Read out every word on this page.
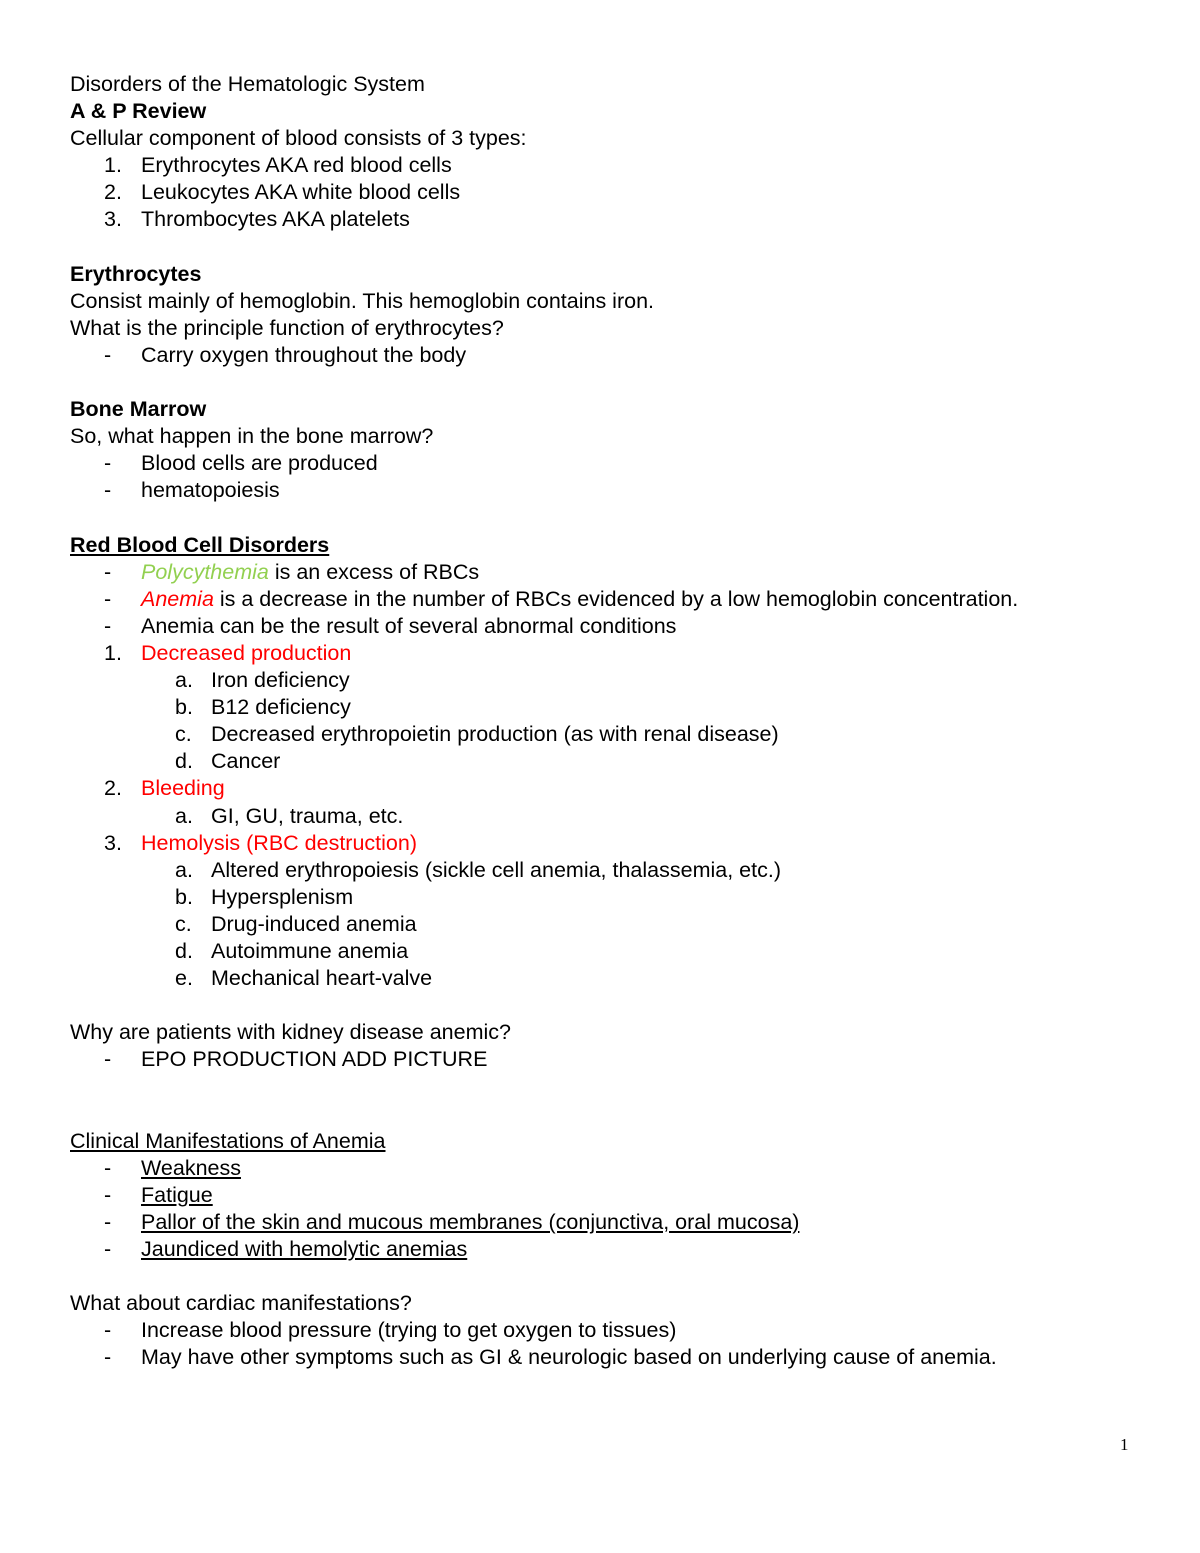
Disorders of the Hematologic System
A & P Review
Cellular component of blood consists of 3 types:
1. Erythrocytes AKA red blood cells
2. Leukocytes AKA white blood cells
3. Thrombocytes AKA platelets
Erythrocytes
Consist mainly of hemoglobin. This hemoglobin contains iron.
What is the principle function of erythrocytes?
- Carry oxygen throughout the body
Bone Marrow
So, what happen in the bone marrow?
- Blood cells are produced
- hematopoiesis
Red Blood Cell Disorders
- Polycythemia is an excess of RBCs
- Anemia is a decrease in the number of RBCs evidenced by a low hemoglobin concentration.
- Anemia can be the result of several abnormal conditions
1. Decreased production
a. Iron deficiency
b. B12 deficiency
c. Decreased erythropoietin production (as with renal disease)
d. Cancer
2. Bleeding
a. GI, GU, trauma, etc.
3. Hemolysis (RBC destruction)
a. Altered erythropoiesis (sickle cell anemia, thalassemia, etc.)
b. Hypersplenism
c. Drug-induced anemia
d. Autoimmune anemia
e. Mechanical heart-valve
Why are patients with kidney disease anemic?
- EPO PRODUCTION ADD PICTURE
Clinical Manifestations of Anemia
- Weakness
- Fatigue
- Pallor of the skin and mucous membranes (conjunctiva, oral mucosa)
- Jaundiced with hemolytic anemias
What about cardiac manifestations?
- Increase blood pressure (trying to get oxygen to tissues)
- May have other symptoms such as GI & neurologic based on underlying cause of anemia.
1
